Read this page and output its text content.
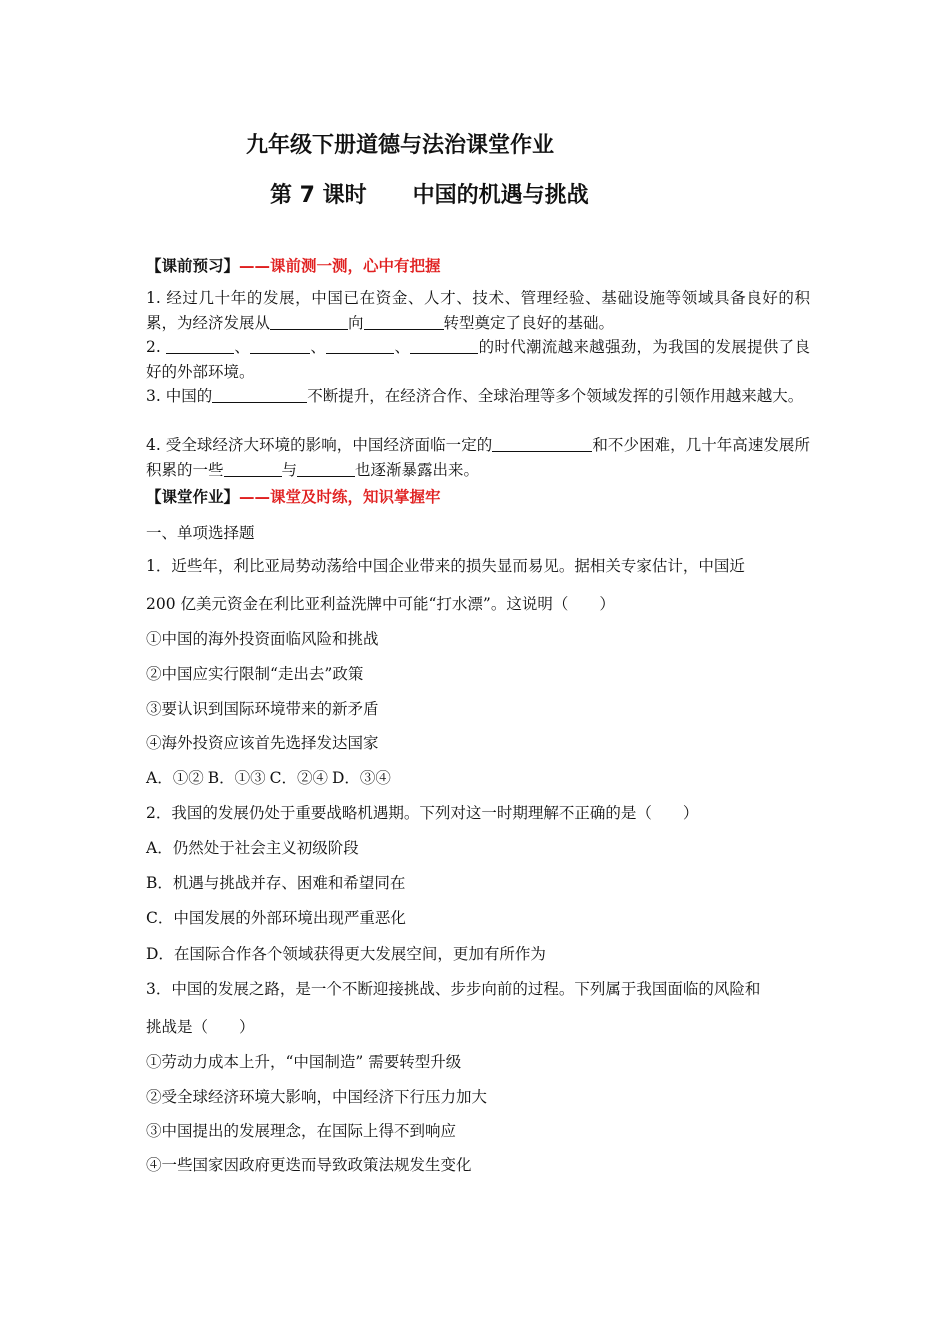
九年级下册道德与法治课堂作业
第 7 课时 中国的机遇与挑战
【课前预习】——课前测一测，心中有把握
1. 经过几十年的发展，中国已在资金、人才、技术、管理经验、基础设施等领域具备良好的积累，为经济发展从	向	转型奠定了良好的基础。
2.	、	、	、	的时代潮流越来越强劲，为我国的发展提供了良好的外部环境。
3. 中国的	不断提升，在经济合作、全球治理等多个领域发挥的引领作用越来越大。
4. 受全球经济大环境的影响，中国经济面临一定的	和不少困难，几十年高速发展所积累的一些	与	也逐渐暴露出来。
【课堂作业】——课堂及时练，知识掌握牢
一、单项选择题
1．近些年，利比亚局势动荡给中国企业带来的损失显而易见。据相关专家估计，中国近
200 亿美元资金在利比亚利益洗牌中可能“打水漂”。这说明（　　）
①中国的海外投资面临风险和挑战
②中国应实行限制“走出去”政策
③要认识到国际环境带来的新矛盾
④海外投资应该首先选择发达国家
A．①② B．①③ C．②④ D．③④
2．我国的发展仍处于重要战略机遇期。下列对这一时期理解不正确的是（　　）
A．仍然处于社会主义初级阶段
B．机遇与挑战并存、困难和希望同在
C．中国发展的外部环境出现严重恶化
D．在国际合作各个领域获得更大发展空间，更加有所作为
3．中国的发展之路，是一个不断迎接挑战、步步向前的过程。下列属于我国面临的风险和
挑战是（　　）
①劳动力成本上升，“中国制造” 需要转型升级
②受全球经济环境大影响，中国经济下行压力加大
③中国提出的发展理念，在国际上得不到响应
④一些国家因政府更迭而导致政策法规发生变化
